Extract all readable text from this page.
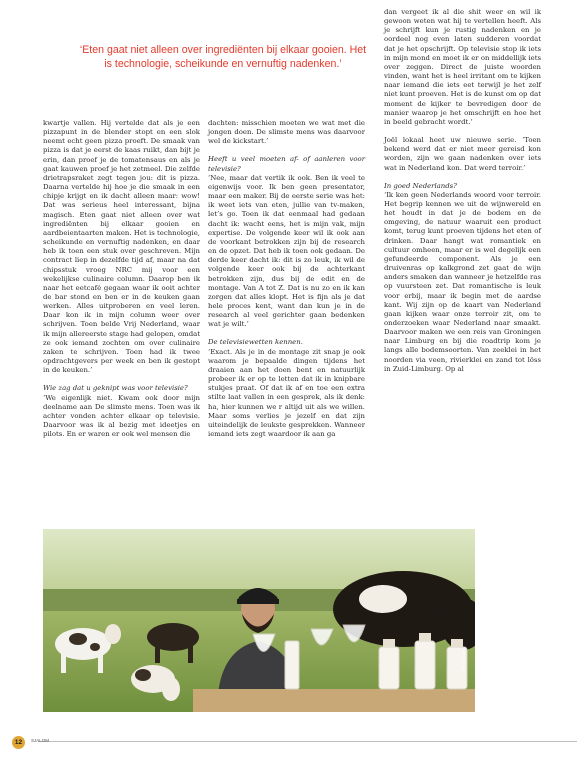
‘Eten gaat niet alleen over ingrediënten bij elkaar gooien. Het is technologie, scheikunde en vernuftig nadenken.’

kwartje vallen. Hij vertelde dat als je een pizzapunt in de blender stopt en een slok neemt echt geen pizza proeft. De smaak van pizza is dat je eerst de kaas ruikt, dan bijt je erin, dan proef je de tomatensaus en als je gaat kauwen proef je het zetmeel. Die zelfde drietrapsraket zegt tegen jou: dit is pizza. Daarna vertelde hij hoe je die smaak in een chipje krijgt en ik dacht alleen maar: wow! Dat was serieus heel interessant, bijna magisch. Eten gaat niet alleen over wat ingrediënten bij elkaar gooien en aardbeientaarten maken. Het is technologie, scheikunde en vernuftig nadenken, en daar heb ik toen een stuk over geschreven. Mijn contract liep in dezelfde tijd af, maar na dat chipsstuk vroeg NRC mij voor een wekelijkse culinaire column. Daarop ben ik naar het eetcafé gegaan waar ik ooit achter de bar stond en ben er in de keuken gaan werken. Alles uitproberen en veel leren. Daar kon ik in mijn column weer over schrijven. Toen belde Vrij Nederland, waar ik mijn allereerste stage had gelopen, omdat ze ook iemand zochten om over culinaire zaken te schrijven. Toen had ik twee opdrachtgevers per week en ben ik gestopt in de keuken.’

Wie zag dat u geknipt was voor televisie?

‘We eigenlijk niet. Kwam ook door mijn deelname aan De slimste mens. Toen was ik achter vonden achter elkaar op televisie. Daarvoor was ik al bezig met ideetjes en pilots. En er waren er ook wel mensen die

dachten: misschien moeten we wat met die jongen doen. De slimste mens was daarvoor wel de kickstart.’

Heeft u veel moeten af- of aanleren voor televisie?

‘Nee, maar dat vertik ik ook. Ben ik veel te eigenwijs voor. Ik ben geen presentator, maar een maker. Bij de eerste serie was het: ik weet iets van eten, jullie van tv-maken, let’s go. Toen ik dat eenmaal had gedaan dacht ik: wacht eens, het is mijn vak, mijn expertise. De volgende keer wil ik ook aan de voorkant betrokken zijn bij de research en de opzet. Dat heb ik toen ook gedaan. De derde keer dacht ik: dit is zo leuk, ik wil de volgende keer ook bij de achterkant betrokken zijn, dus bij de edit en de montage. Van A tot Z. Dat is nu zo en ik kan zorgen dat alles klopt. Het is fijn als je dat hele proces kent, want dan kun je in de research al veel gerichter gaan bedenken wat je wilt.’

De televisiewetten kennen.

‘Exact. Als je in de montage zit snap je ook waarom je bepaalde dingen tijdens het draaien aan het doen bent en natuurlijk probeer ik er op te letten dat ik in knipbare stukjes praat. Of dat ik af en toe een extra stilte laat vallen in een gesprek, als ik denk: ha, hier kunnen we r altijd uit als we willen. Maar soms verlies je jezelf en dat zijn uiteindelijk de leukste gesprekken. Wanneer iemand iets zegt waardoor ik aan ga

dan vergeet ik al die shit weer en wil ik gewoon weten wat hij te vertellen heeft. Als je schrijft kun je rustig nadenken en je oordeel nog even laten sudderen voordat dat je het opschrijft. Op televisie stop ik iets in mijn mond en moet ik er on middellijk iets over zeggen. Direct de juiste woorden vinden, want het is heel irritant om te kijken naar iemand die iets eet terwijl je het zelf niet kunt proeven. Het is de kunst om op dat moment de kijker te bevredigen door de manier waarop je het omschrijft en hoe het in beeld gebracht wordt.’

Joël lokaal heet uw nieuwe serie. ‘Toen bekend werd dat er niet meer gereisd kon worden, zijn we gaan nadenken over iets wat in Nederland kon. Dat werd terroir.’

In goed Nederlands?

‘Ik ken geen Nederlands woord voor terroir. Het begrip kennen we uit de wijnwereld en het houdt in dat je de bodem en de omgeving, de natuur waaruit een product komt, terug kunt proeven tijdens het eten of drinken. Daar hangt wat romantiek en cultuur omheen, maar er is wel degelijk een gefundeerde component. Als je een druivenras op kalkgrond zet gaat de wijn anders smaken dan wanneer je hetzelfde ras op vuursteen zet. Dat romantische is leuk voor erbij, maar ik begin met de aardse kant. Wij zijn op de kaart van Nederland gaan kijken waar onze terroir zit, om te onderzoeken waar Nederland naar smaakt. Daarvoor maken we een reis van Groningen naar Limburg en bij die roadtrip kom je langs alle bodemsoorten. Van zeeklei in het noorden via veen, rivierklei en zand tot löss in Zuid-Limburg. Op al

FOTO: ANP
12	SJALOM
